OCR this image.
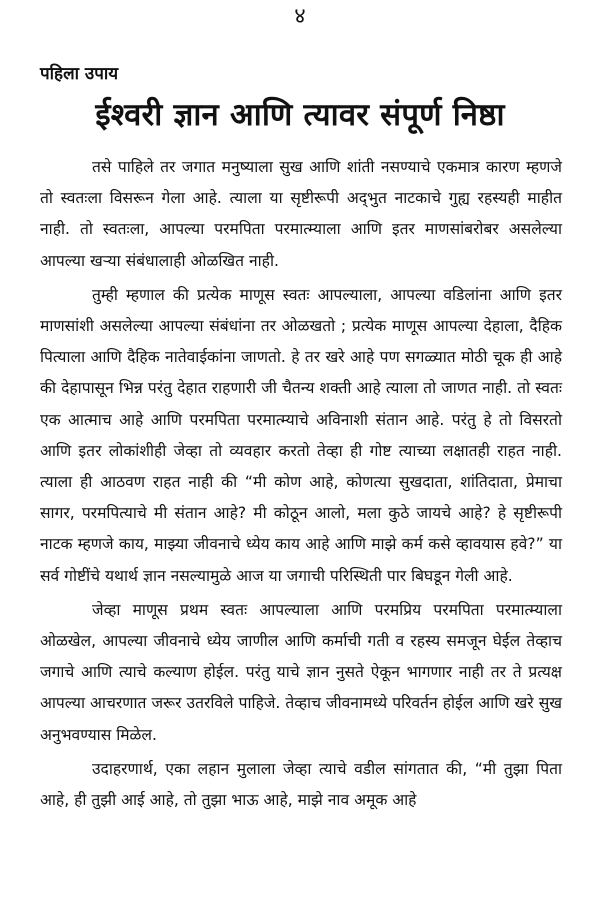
४
पहिला उपाय
ईश्वरी ज्ञान आणि त्यावर संपूर्ण निष्ठा

तसे पाहिले तर जगात मनुष्याला सुख आणि शांती नसण्याचे एकमात्र कारण म्हणजे तो स्वतःला विसरून गेला आहे. त्याला या सृष्टीरूपी अद्‌भुत नाटकाचे गुह्य रहस्यही माहीत नाही. तो स्वतःला, आपल्या परमपिता परमात्म्याला आणि इतर माणसांबरोबर असलेल्या आपल्या खऱ्या संबंधालाही ओळखित नाही.

तुम्ही म्हणाल की प्रत्येक माणूस स्वतः आपल्याला, आपल्या वडिलांना आणि इतर माणसांशी असलेल्या आपल्या संबंधांना तर ओळखतो ; प्रत्येक माणूस आपल्या देहाला, दैहिक पित्याला आणि दैहिक नातेवाईकांना जाणतो. हे तर खरे आहे पण सगळ्यात मोठी चूक ही आहे की देहापासून भिन्न परंतु देहात राहणारी जी चैतन्य शक्ती आहे त्याला तो जाणत नाही. तो स्वतः एक आत्माच आहे आणि परमपिता परमात्म्याचे अविनाशी संतान आहे. परंतु हे तो विसरतो आणि इतर लोकांशीही जेव्हा तो व्यवहार करतो तेव्हा ही गोष्ट त्याच्या लक्षातही राहत नाही. त्याला ही आठवण राहत नाही की “मी कोण आहे, कोणत्या सुखदाता, शांतिदाता, प्रेमाचा सागर, परमपित्याचे मी संतान आहे? मी कोठून आलो, मला कुठे जायचे आहे? हे सृष्टीरूपी नाटक म्हणजे काय, माझ्या जीवनाचे ध्येय काय आहे आणि माझे कर्म कसे व्हावयास हवे?” या सर्व गोष्टींचे यथार्थ ज्ञान नसल्यामुळे आज या जगाची परिस्थिती पार बिघडून गेली आहे.

जेव्हा माणूस प्रथम स्वतः आपल्याला आणि परमप्रिय परमपिता परमात्म्याला ओळखेल, आपल्या जीवनाचे ध्येय जाणील आणि कर्माची गती व रहस्य समजून घेईल तेव्हाच जगाचे आणि त्याचे कल्याण होईल. परंतु याचे ज्ञान नुसते ऐकून भागणार नाही तर ते प्रत्यक्ष आपल्या आचरणात जरूर उतरविले पाहिजे. तेव्हाच जीवनामध्ये परिवर्तन होईल आणि खरे सुख अनुभवण्यास मिळेल.

उदाहरणार्थ, एका लहान मुलाला जेव्हा त्याचे वडील सांगतात की, “मी तुझा पिता आहे, ही तुझी आई आहे, तो तुझा भाऊ आहे, माझे नाव अमूक आहे
